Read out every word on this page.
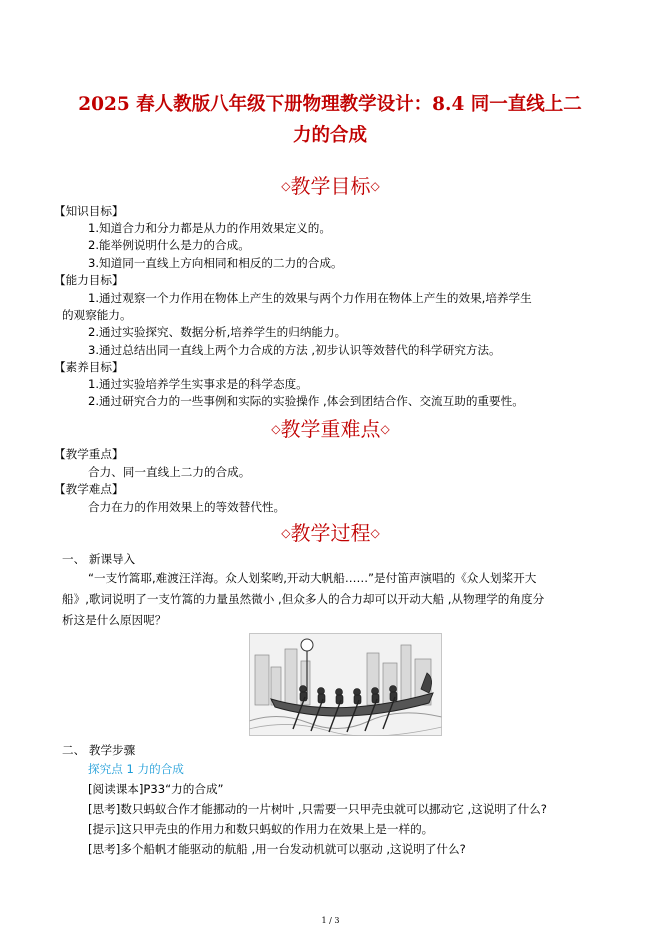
2025 春人教版八年级下册物理教学设计：8.4 同一直线上二
力的合成
◇教学目标◇
【知识目标】
1.知道合力和分力都是从力的作用效果定义的。
2.能举例说明什么是力的合成。
3.知道同一直线上方向相同和相反的二力的合成。
【能力目标】
1.通过观察一个力作用在物体上产生的效果与两个力作用在物体上产生的效果,培养学生
的观察能力。
2.通过实验探究、数据分析,培养学生的归纳能力。
3.通过总结出同一直线上两个力合成的方法 ,初步认识等效替代的科学研究方法。
【素养目标】
1.通过实验培养学生实事求是的科学态度。
2.通过研究合力的一些事例和实际的实验操作 ,体会到团结合作、交流互助的重要性。
◇教学重难点◇
【教学重点】
合力、同一直线上二力的合成。
【教学难点】
合力在力的作用效果上的等效替代性。
◇教学过程◇
一、 新课导入
“一支竹篙耶,难渡汪洋海。众人划桨哟,开动大帆船……”是付笛声演唱的《众人划桨开大
船》,歌词说明了一支竹篙的力量虽然微小 ,但众多人的合力却可以开动大船 ,从物理学的角度分
析这是什么原因呢？
二、 教学步骤
探究点 1 力的合成
[阅读课本]P33“力的合成”
[思考]数只蚂蚁合作才能挪动的一片树叶 ,只需要一只甲壳虫就可以挪动它 ,这说明了什么?
[提示]这只甲壳虫的作用力和数只蚂蚁的作用力在效果上是一样的。
[思考]多个船帆才能驱动的航船 ,用一台发动机就可以驱动 ,这说明了什么?
1 / 3
